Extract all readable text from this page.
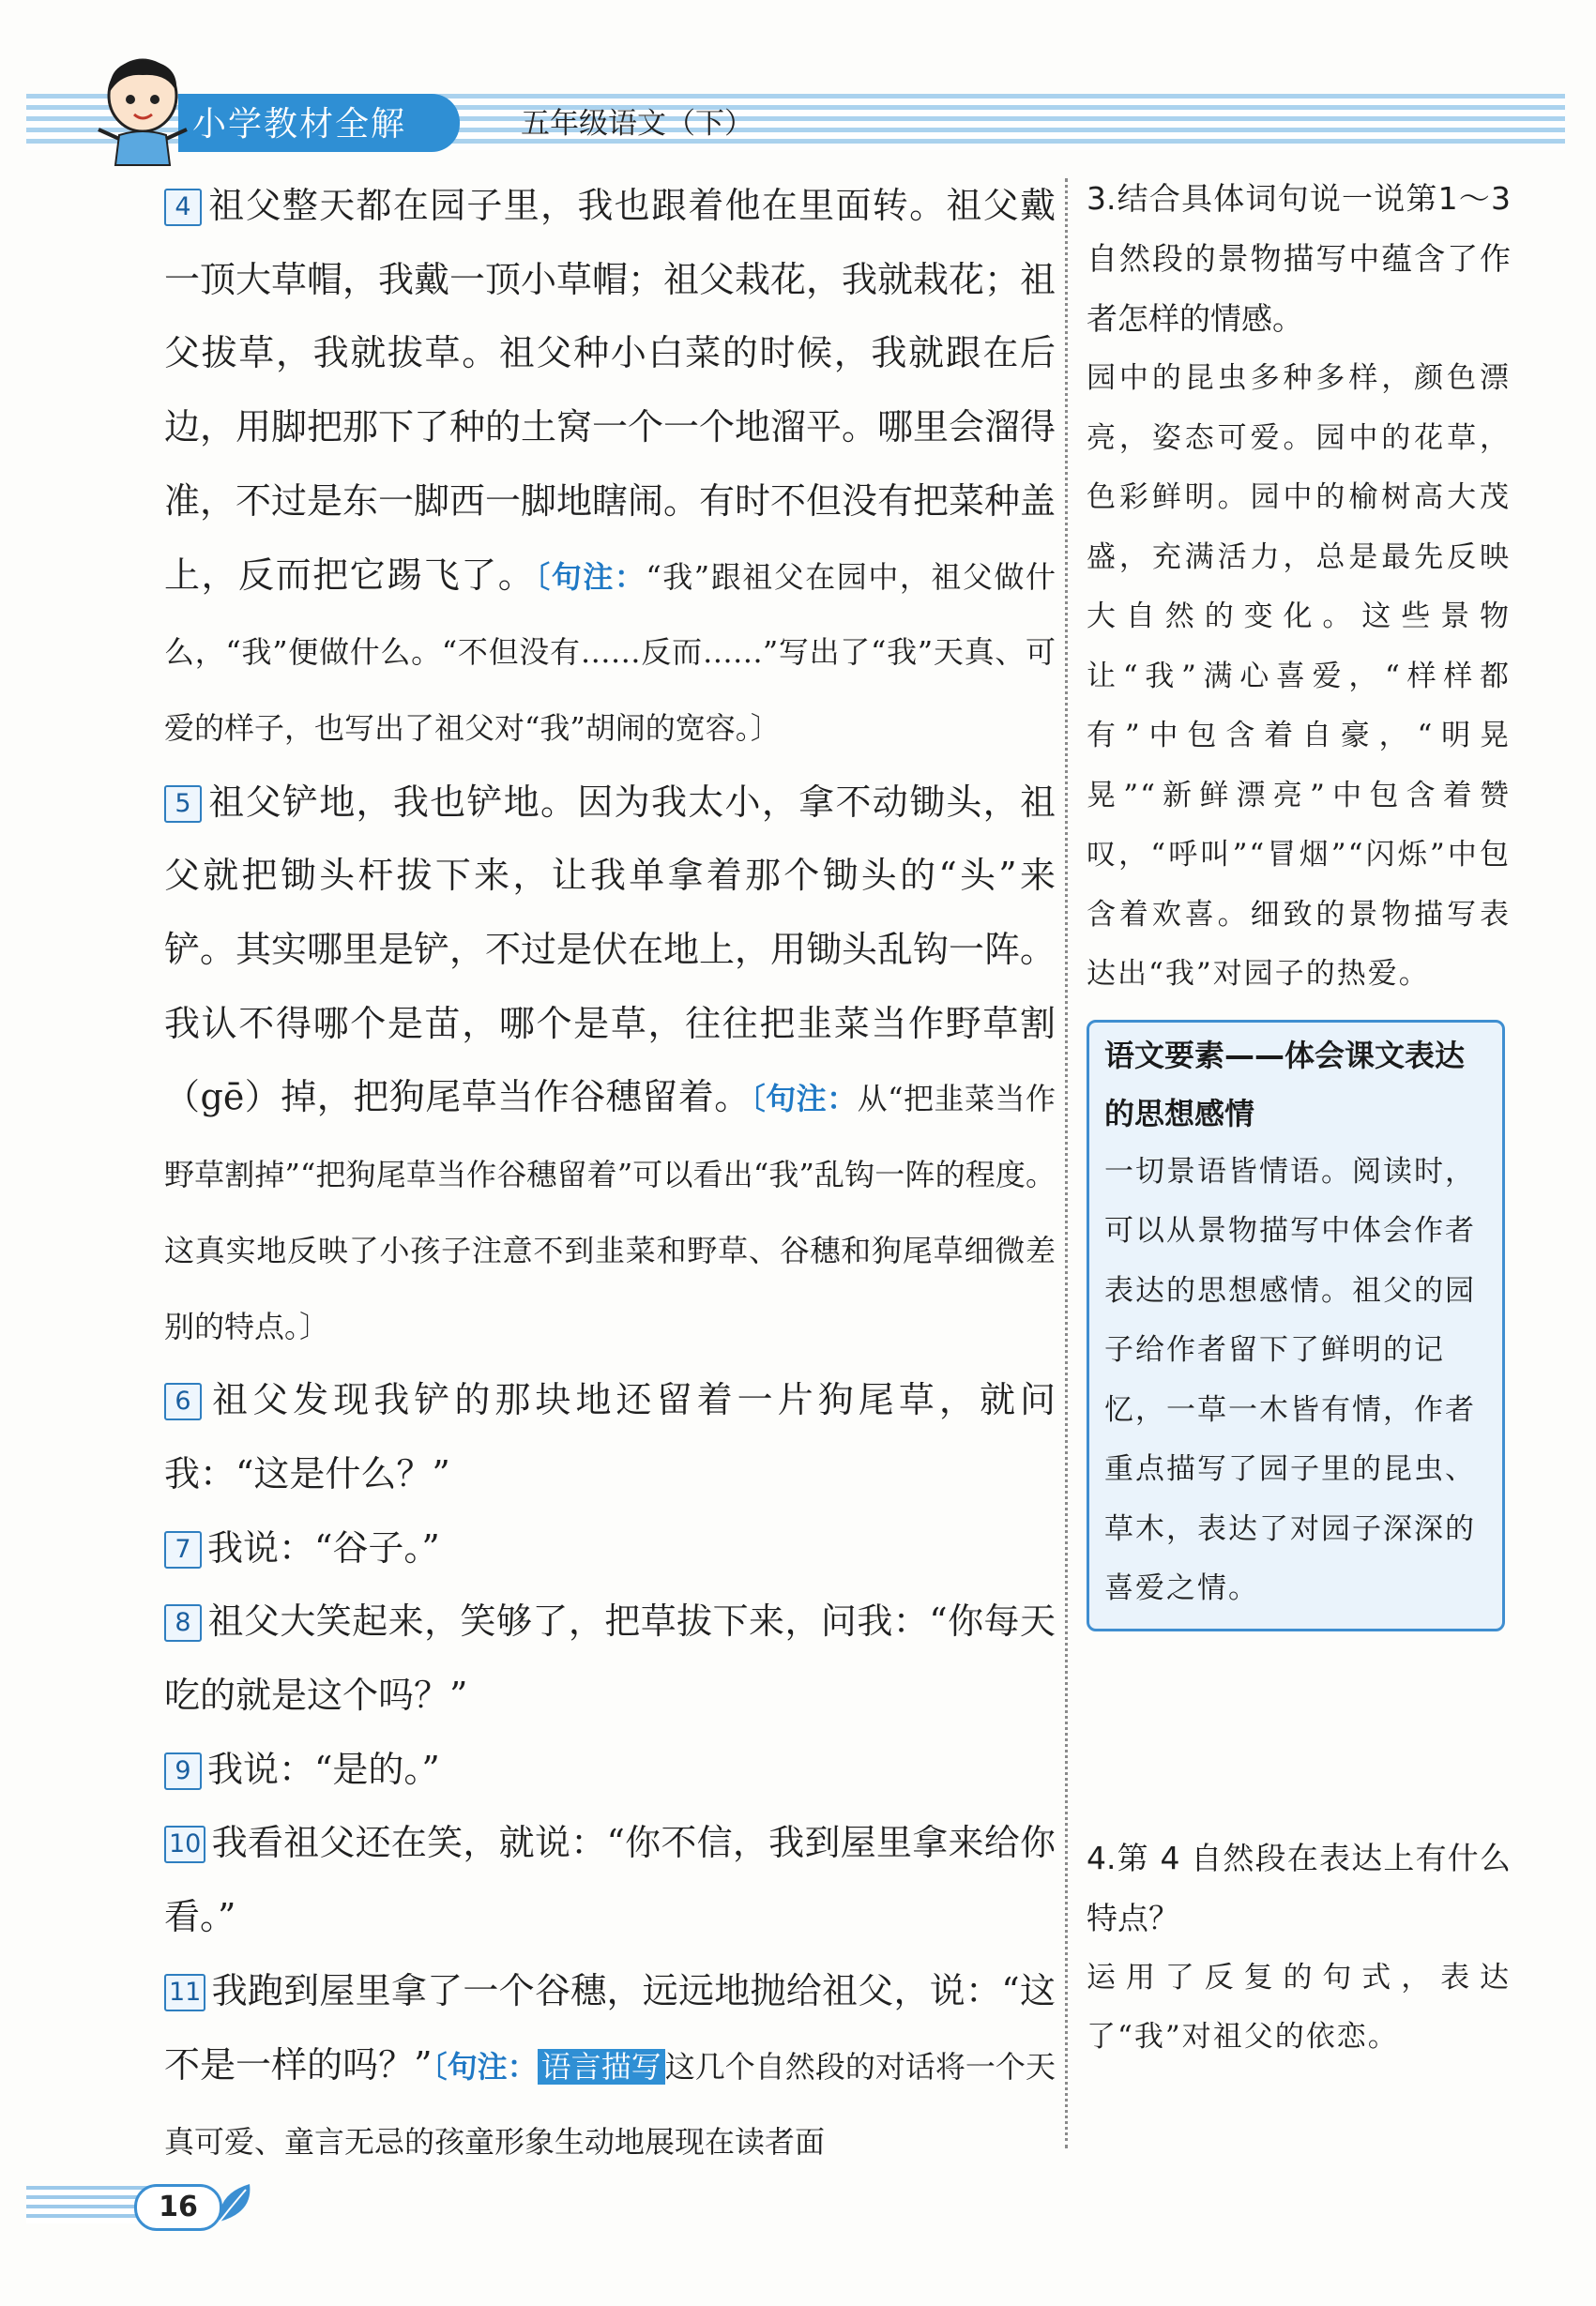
小学教材全解	五年级语文（下）

4 祖父整天都在园子里，我也跟着他在里面转。祖父戴一顶大草帽，我戴一顶小草帽；祖父栽花，我就栽花；祖父拔草，我就拔草。祖父种小白菜的时候，我就跟在后边，用脚把那下了种的土窝一个一个地溜平。哪里会溜得准，不过是东一脚西一脚地瞎闹。有时不但没有把菜种盖上，反而把它踢飞了。〔句注：“我”跟祖父在园中，祖父做什么，“我”便做什么。“不但没有……反而……”写出了“我”天真、可爱的样子，也写出了祖父对“我”胡闹的宽容。〕

5 祖父铲地，我也铲地。因为我太小，拿不动锄头，祖父就把锄头杆拔下来，让我单拿着那个锄头的“头”来铲。其实哪里是铲，不过是伏在地上，用锄头乱钩一阵。我认不得哪个是苗，哪个是草，往往把韭菜当作野草割（gē）掉，把狗尾草当作谷穗留着。〔句注：从“把韭菜当作野草割掉”“把狗尾草当作谷穗留着”可以看出“我”乱钩一阵的程度。这真实地反映了小孩子注意不到韭菜和野草、谷穗和狗尾草细微差别的特点。〕

6 祖父发现我铲的那块地还留着一片狗尾草，就问我：“这是什么？”

7 我说：“谷子。”

8 祖父大笑起来，笑够了，把草拔下来，问我：“你每天吃的就是这个吗？”

9 我说：“是的。”

10 我看祖父还在笑，就说：“你不信，我到屋里拿来给你看。”

11 我跑到屋里拿了一个谷穗，远远地抛给祖父，说：“这不是一样的吗？”〔句注： 语言描写 这几个自然段的对话将一个天真可爱、童言无忌的孩童形象生动地展现在读者面

3.结合具体词句说一说第1～3自然段的景物描写中蕴含了作者怎样的情感。

园中的昆虫多种多样，颜色漂亮，姿态可爱。园中的花草，色彩鲜明。园中的榆树高大茂盛，充满活力，总是最先反映大自然的变化。这些景物让“我”满心喜爱，“样样都有”中包含着自豪，“明晃晃”“新鲜漂亮”中包含着赞叹，“呼叫”“冒烟”“闪烁”中包含着欢喜。细致的景物描写表达出“我”对园子的热爱。

语文要素——体会课文表达的思想感情

一切景语皆情语。阅读时，可以从景物描写中体会作者表达的思想感情。祖父的园子给作者留下了鲜明的记忆，一草一木皆有情，作者重点描写了园子里的昆虫、草木，表达了对园子深深的喜爱之情。

4.第 4 自然段在表达上有什么特点？

运用了反复的句式，表达了“我”对祖父的依恋。

16
